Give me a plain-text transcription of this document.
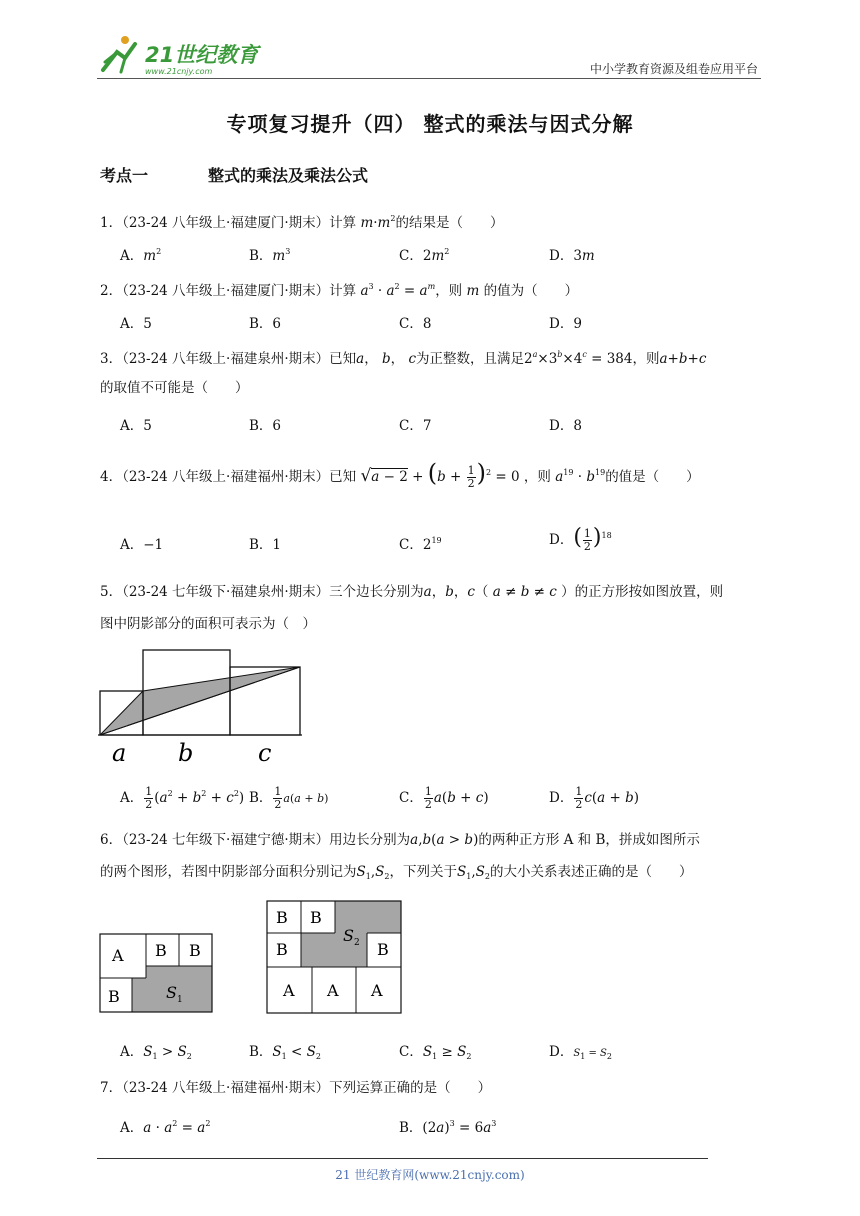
21世纪教育
www.21cnjy.com	中小学教育资源及组卷应用平台
专项复习提升（四） 整式的乘法与因式分解
考点一	整式的乘法及乘法公式
1．（23-24 八年级上·福建厦门·期末）计算 $m\cdot m^2$的结果是（　　）
A．$m^2$	B．$m^3$	C．$2m^2$	D．3m
2．（23-24 八年级上·福建厦门·期末）计算 $a^3 \cdot a^2 = a^m$，则 m 的值为（　　）
A．5	B．6	C．8	D．9
3．（23-24 八年级上·福建泉州·期末）已知a， b， c为正整数，且满足$2^a\times 3^b\times 4^c = 384$，则a+b+c
的取值不可能是（　　）
A．5	B．6	C．7	D．8
4．（23-24 八年级上·福建福州·期末）已知 $√a - 2 + (b + \frac{1}{2} )^2 = 0$ ，则 $a^{19} \cdot b^{19}$的值是（　　）
A．−1	B．1	C．$2^{19}$	D．( $\frac{1}{2} )^{18}$
5．（23-24 七年级下·福建泉州·期末）三个边长分别为a，b，c（ a ≠ b ≠ c ）的正方形按如图放置，则
图中阴影部分的面积可表示为（　）
a b	c
A． $\frac{1}{2} (a^2 + b^2 + c^2)$ B． $\frac{1}{2} a(a + b)$	C． $\frac{1}{2} a(b + c)$	D． $\frac{1}{2} c(a + b)$
6．（23-24 七年级下·福建宁德·期末）用边长分别为a,b(a > b)的两种正方形 A 和 B，拼成如图所示
的两个图形，若图中阴影部分面积分别记为$S_1,S_2$，下列关于$S_1,S_2$的大小关系表述正确的是（　　）
A B B
B	S 1
B B
B	B
S 2
A A A
A．$S_1 > S_2$	B．$S_1 < S_2$	C．$S_1 \ge S_2$	D．$S_1 = S_2$
7．（23-24 八年级上·福建福州·期末）下列运算正确的是（　　）
A．$a \cdot a^2 = a^2$	B．$(2a)^3 = 6a^3$
21 世纪教育网(www.21cnjy.com)
